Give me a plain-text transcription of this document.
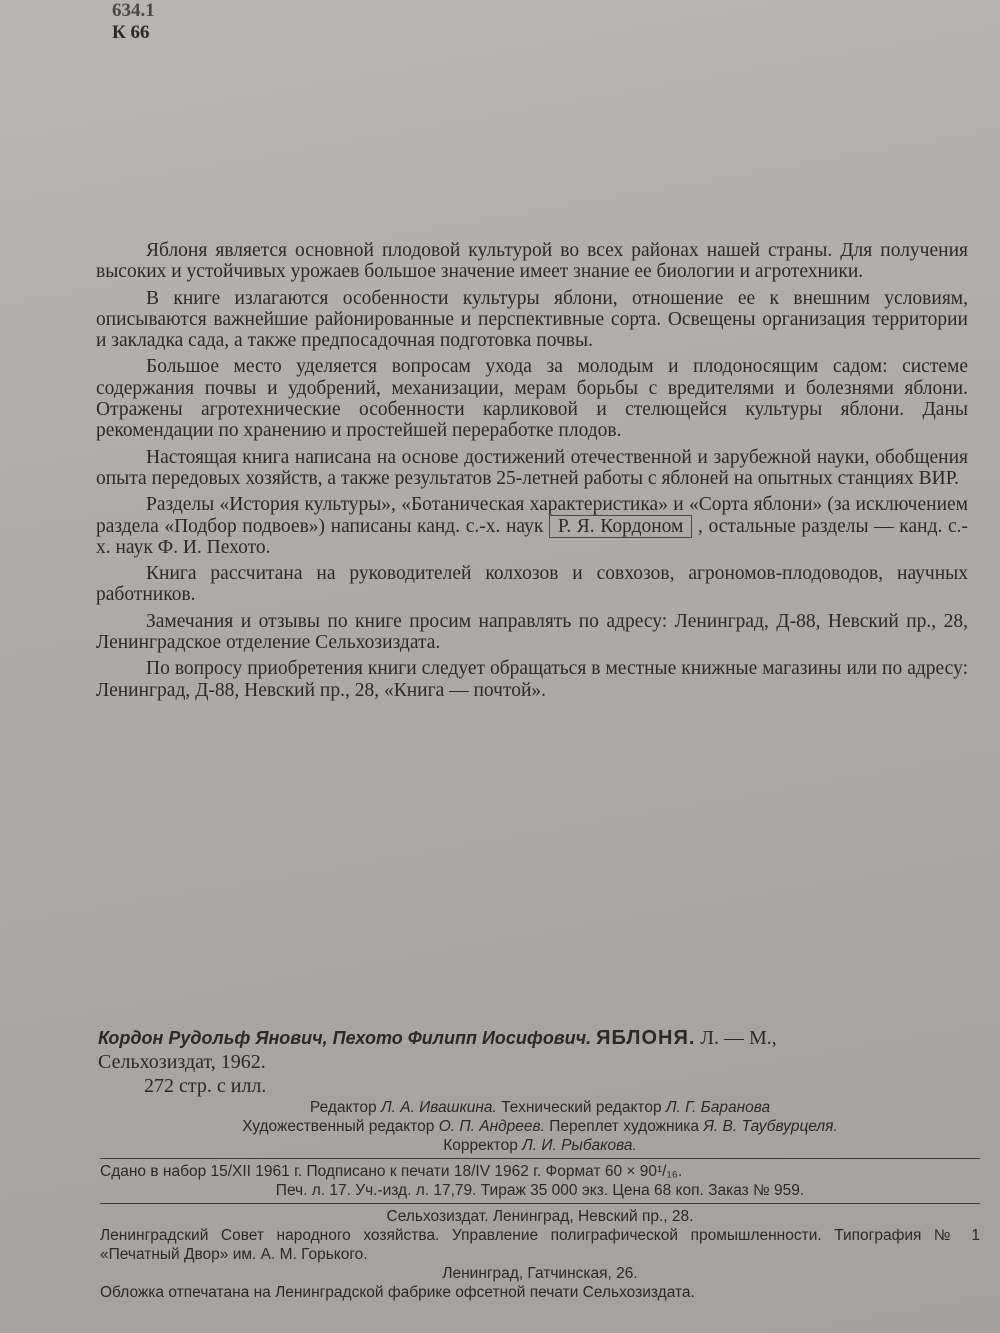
634.1
К 66

Яблоня является основной плодовой культурой во всех районах нашей страны. Для получения высоких и устойчивых урожаев большое значение имеет знание ее биологии и агротехники.

В книге излагаются особенности культуры яблони, отношение ее к внешним условиям, описываются важнейшие районированные и перспективные сорта. Освещены организация территории и закладка сада, а также предпосадочная подготовка почвы.

Большое место уделяется вопросам ухода за молодым и плодоносящим садом: системе содержания почвы и удобрений, механизации, мерам борьбы с вредителями и болезнями яблони. Отражены агротехнические особенности карликовой и стелющейся культуры яблони. Даны рекомендации по хранению и простейшей переработке плодов.

Настоящая книга написана на основе достижений отечественной и зарубежной науки, обобщения опыта передовых хозяйств, а также результатов 25-летней работы с яблоней на опытных станциях ВИР.

Разделы «История культуры», «Ботаническая характеристика» и «Сорта яблони» (за исключением раздела «Подбор подвоев») написаны канд. с.-х. наук Р. Я. Кордоном , остальные разделы — канд. с.-х. наук Ф. И. Пехото.

Книга рассчитана на руководителей колхозов и совхозов, агрономов-плодоводов, научных работников.

Замечания и отзывы по книге просим направлять по адресу: Ленинград, Д-88, Невский пр., 28, Ленинградское отделение Сельхозиздата.

По вопросу приобретения книги следует обращаться в местные книжные магазины или по адресу: Ленинград, Д-88, Невский пр., 28, «Книга — почтой».

Кордон Рудольф Янович, Пехото Филипп Иосифович. ЯБЛОНЯ. Л. — М.,
Сельхозиздат, 1962.
272 стр. с илл.
Редактор Л. А. Ивашкина. Технический редактор Л. Г. Баранова
Художественный редактор О. П. Андреев. Переплет художника Я. В. Таубвурцеля.
Корректор Л. И. Рыбакова.
Сдано в набор 15/XII 1961 г. Подписано к печати 18/IV 1962 г. Формат 60 × 90¹/₁₆.
Печ. л. 17. Уч.-изд. л. 17,79. Тираж 35 000 экз. Цена 68 коп. Заказ № 959.
Сельхозиздат. Ленинград, Невский пр., 28.
Ленинградский Совет народного хозяйства. Управление полиграфической промышленности. Типография № 1 «Печатный Двор» им. А. М. Горького.
Ленинград, Гатчинская, 26.
Обложка отпечатана на Ленинградской фабрике офсетной печати Сельхозиздата.
